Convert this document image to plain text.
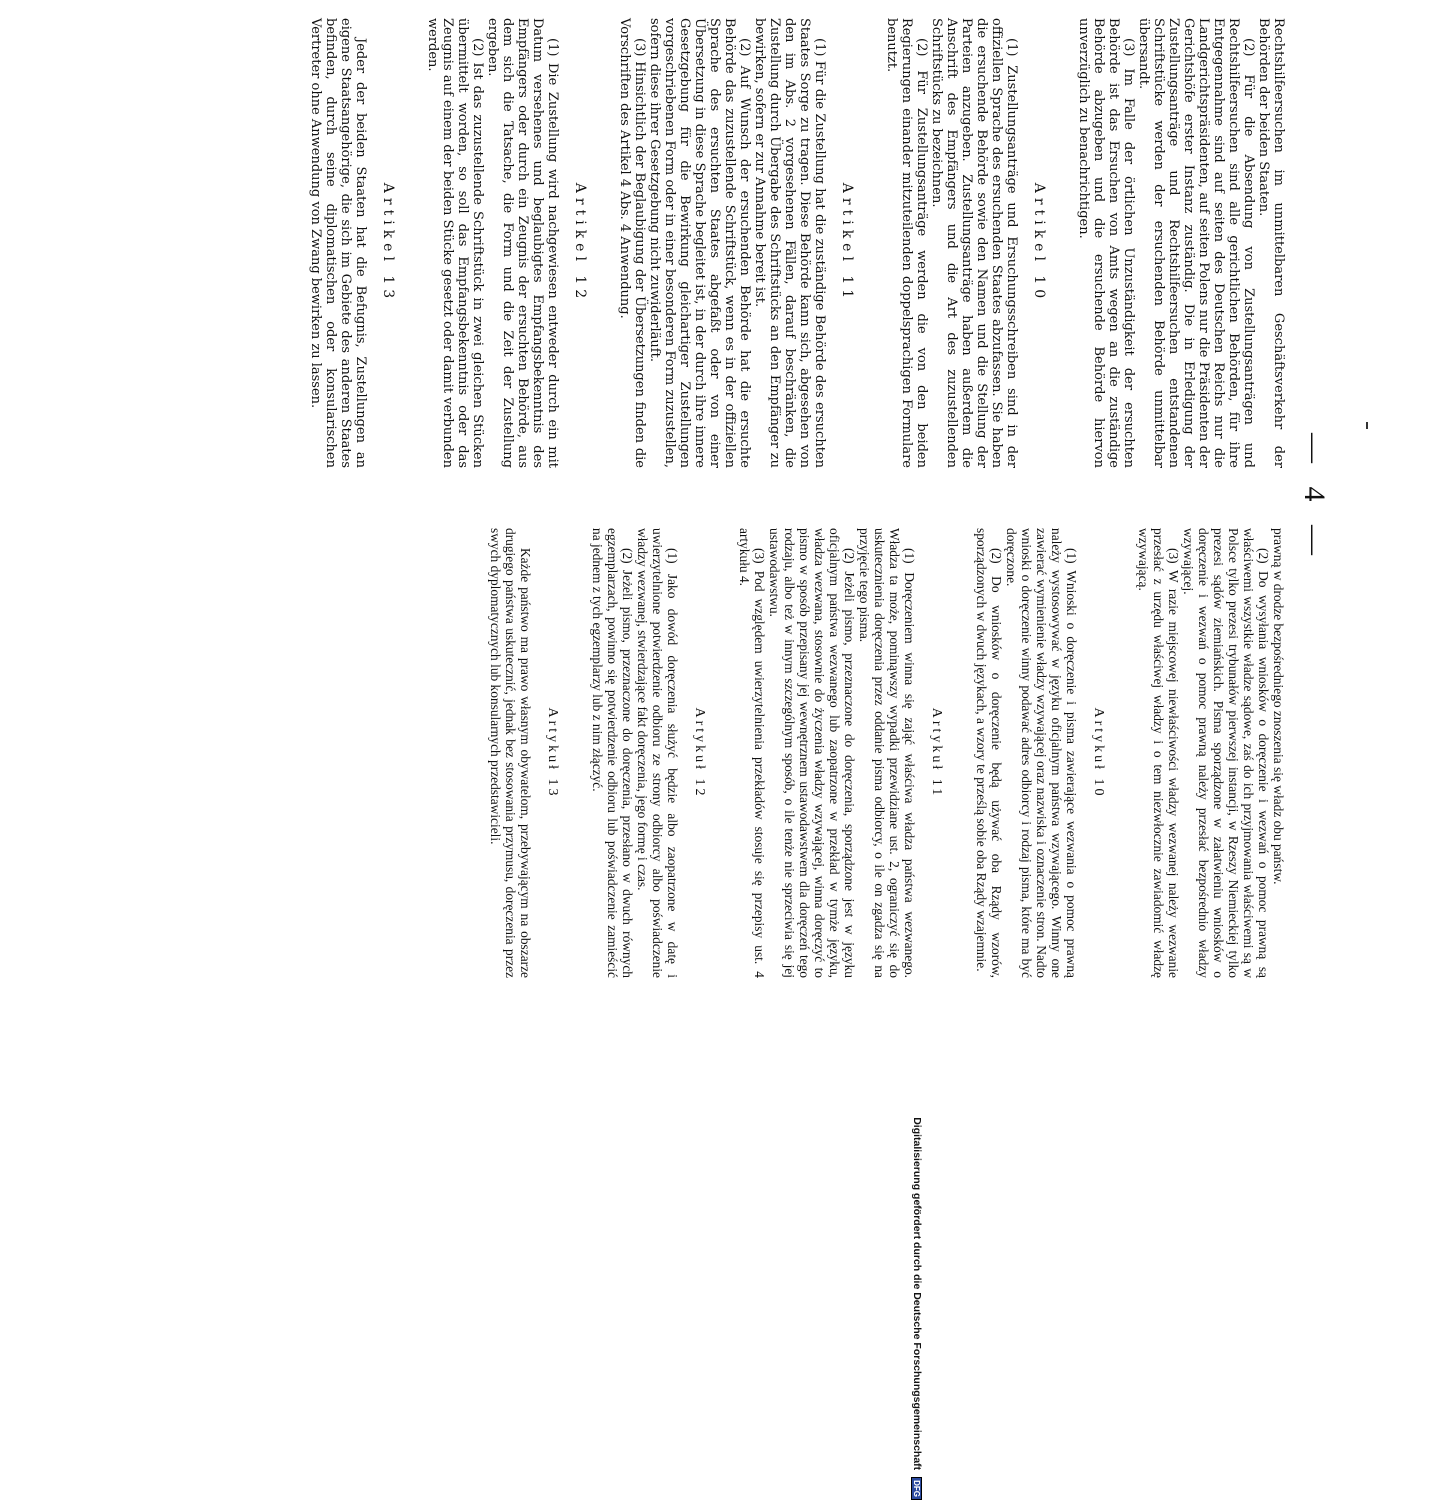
— 4 —

Rechtshilfeersuchen im unmittelbaren Geschäftsverkehr der Behörden der beiden Staaten.

(2) Für die Absendung von Zustellungsanträgen und Rechtshilfeersuchen sind alle gerichtlichen Behörden, für ihre Entgegennahme sind auf seiten des Deutschen Reichs nur die Landgerichtspräsidenten, auf seiten Polens nur die Präsidenten der Gerichtshöfe erster Instanz zuständig. Die in Erledigung der Zustellungsanträge und Rechtshilfeersuchen entstandenen Schriftstücke werden der ersuchenden Behörde unmittelbar übersandt.

(3) Im Falle der örtlichen Unzuständigkeit der ersuchten Behörde ist das Ersuchen von Amts wegen an die zuständige Behörde abzugeben und die ersuchende Behörde hiervon unverzüglich zu benachrichtigen.

Artikel 10

(1) Zustellungsanträge und Ersuchungsschreiben sind in der offiziellen Sprache des ersuchenden Staates abzufassen. Sie haben die ersuchende Behörde sowie den Namen und die Stellung der Parteien anzugeben. Zustellungsanträge haben außerdem die Anschrift des Empfängers und die Art des zuzustellenden Schriftstücks zu bezeichnen.

(2) Für Zustellungsanträge werden die von den beiden Regierungen einander mitzuteilenden doppelsprachigen Formulare benutzt.

Artikel 11

(1) Für die Zustellung hat die zuständige Behörde des ersuchten Staates Sorge zu tragen. Diese Behörde kann sich, abgesehen von den im Abs. 2 vorgesehenen Fällen, darauf beschränken, die Zustellung durch Übergabe des Schriftstücks an den Empfänger zu bewirken, sofern er zur Annahme bereit ist.

(2) Auf Wunsch der ersuchenden Behörde hat die ersuchte Behörde das zuzustellende Schriftstück, wenn es in der offiziellen Sprache des ersuchten Staates abgefaßt oder von einer Übersetzung in diese Sprache begleitet ist, in der durch ihre innere Gesetzgebung für die Bewirkung gleichartiger Zustellungen vorgeschriebenen Form oder in einer besonderen Form zuzustellen, sofern diese ihrer Gesetzgebung nicht zuwiderläuft.

(3) Hinsichtlich der Beglaubigung der Übersetzungen finden die Vorschriften des Artikel 4 Abs. 4 Anwendung.

Artikel 12

(1) Die Zustellung wird nachgewiesen entweder durch ein mit Datum versehenes und beglaubigtes Empfangsbekenntnis des Empfängers oder durch ein Zeugnis der ersuchten Behörde, aus dem sich die Tatsache, die Form und die Zeit der Zustellung ergeben.

(2) Ist das zuzustellende Schriftstück in zwei gleichen Stücken übermittelt worden, so soll das Empfangsbekenntnis oder das Zeugnis auf einem der beiden Stücke gesetzt oder damit verbunden werden.

Artikel 13

Jeder der beiden Staaten hat die Befugnis, Zustellungen an eigene Staatsangehörige, die sich im Gebiete des anderen Staates befinden, durch seine diplomatischen oder konsularischen Vertreter ohne Anwendung von Zwang bewirken zu lassen.

prawną w drodze bezpośredniego znoszenia się władz obu państw.

(2) Do wysyłania wniosków o doręczenie i wezwań o pomoc prawną są właściwemi wszystkie władze sądowe, zaś do ich przyjmowania właściwemi są w Polsce tylko prezesi trybunałów pierwszej instancji, w Rzeszy Niemieckiej tylko prezesi sądów ziemiańskich. Pisma sporządzone w załatwieniu wniosków o doręczenie i wezwań o pomoc prawną należy przesłać bezpośrednio władzy wzywającej.

(3) W razie miejscowej niewłaściwości władzy wezwanej należy wezwanie przesłać z urzędu właściwej władzy i o tem niezwłocznie zawiadomić władzę wzywającą.

Artykuł 10

(1) Wnioski o doręczenie i pisma zawierające wezwania o pomoc prawną należy wystosowywać w języku oficjalnym państwa wzywającego. Winny one zawierać wymienienie władzy wzywającej oraz nazwiska i oznaczenie stron. Nadto wnioski o doręczenie winny podawać adres odbiorcy i rodzaj pisma, które ma być doręczone.

(2) Do wniosków o doręczenie będą używać oba Rządy wzorów, sporządzonych w dwuch językach, a wzory te prześlą sobie oba Rządy wzajemnie.

Artykuł 11

(1) Doręczeniem winna się zająć właściwa władza państwa wezwanego. Władza ta może, pominąwszy wypadki przewidziane ust. 2, ograniczyć się do uskutecznienia doręczenia przez oddanie pisma odbiorcy, o ile on zgadza się na przyjęcie tego pisma.

(2) Jeżeli pismo, przeznaczone do doręczenia, sporządzone jest w języku oficjalnym państwa wezwanego lub zaopatrzone w przekład w tymże języku, władza wezwana, stosownie do życzenia władzy wzywającej, winna doręczyć to pismo w sposób przepisany jej wewnętrznem ustawodawstwem dla doręczeń tego rodzaju, albo też w innym szczególnym sposób, o ile tenże nie sprzeciwia się jej ustawodawstwu.

(3) Pod względem uwierzytelnienia przekładów stosuje się przepisy ust. 4 artykułu 4.

Artykuł 12

(1) Jako dowód doręczenia służyć będzie albo zaopatrzone w datę i uwierzytelnione potwierdzenie odbioru ze strony odbiorcy albo poświadczenie władzy wezwanej, stwierdzające fakt doręczenia, jego formę i czas.

(2) Jeżeli pismo, przeznaczone do doręczenia, przesłano w dwuch równych egzemplarzach, powinno się potwierdzenie odbioru lub poświadczenie zamieścić na jednem z tych egzemplarzy lub z nim złączyć.

Artykuł 13

Każde państwo ma prawo własnym obywatelom, przebywającym na obszarze drugiego państwa uskutecznić, jednak bez stosowania przymusu, doręczenia przez swych dyplomatycznych lub konsularnych przedstawicieli.

Digitalisierung gefördert durch die Deutsche Forschungsgemeinschaft DFG
